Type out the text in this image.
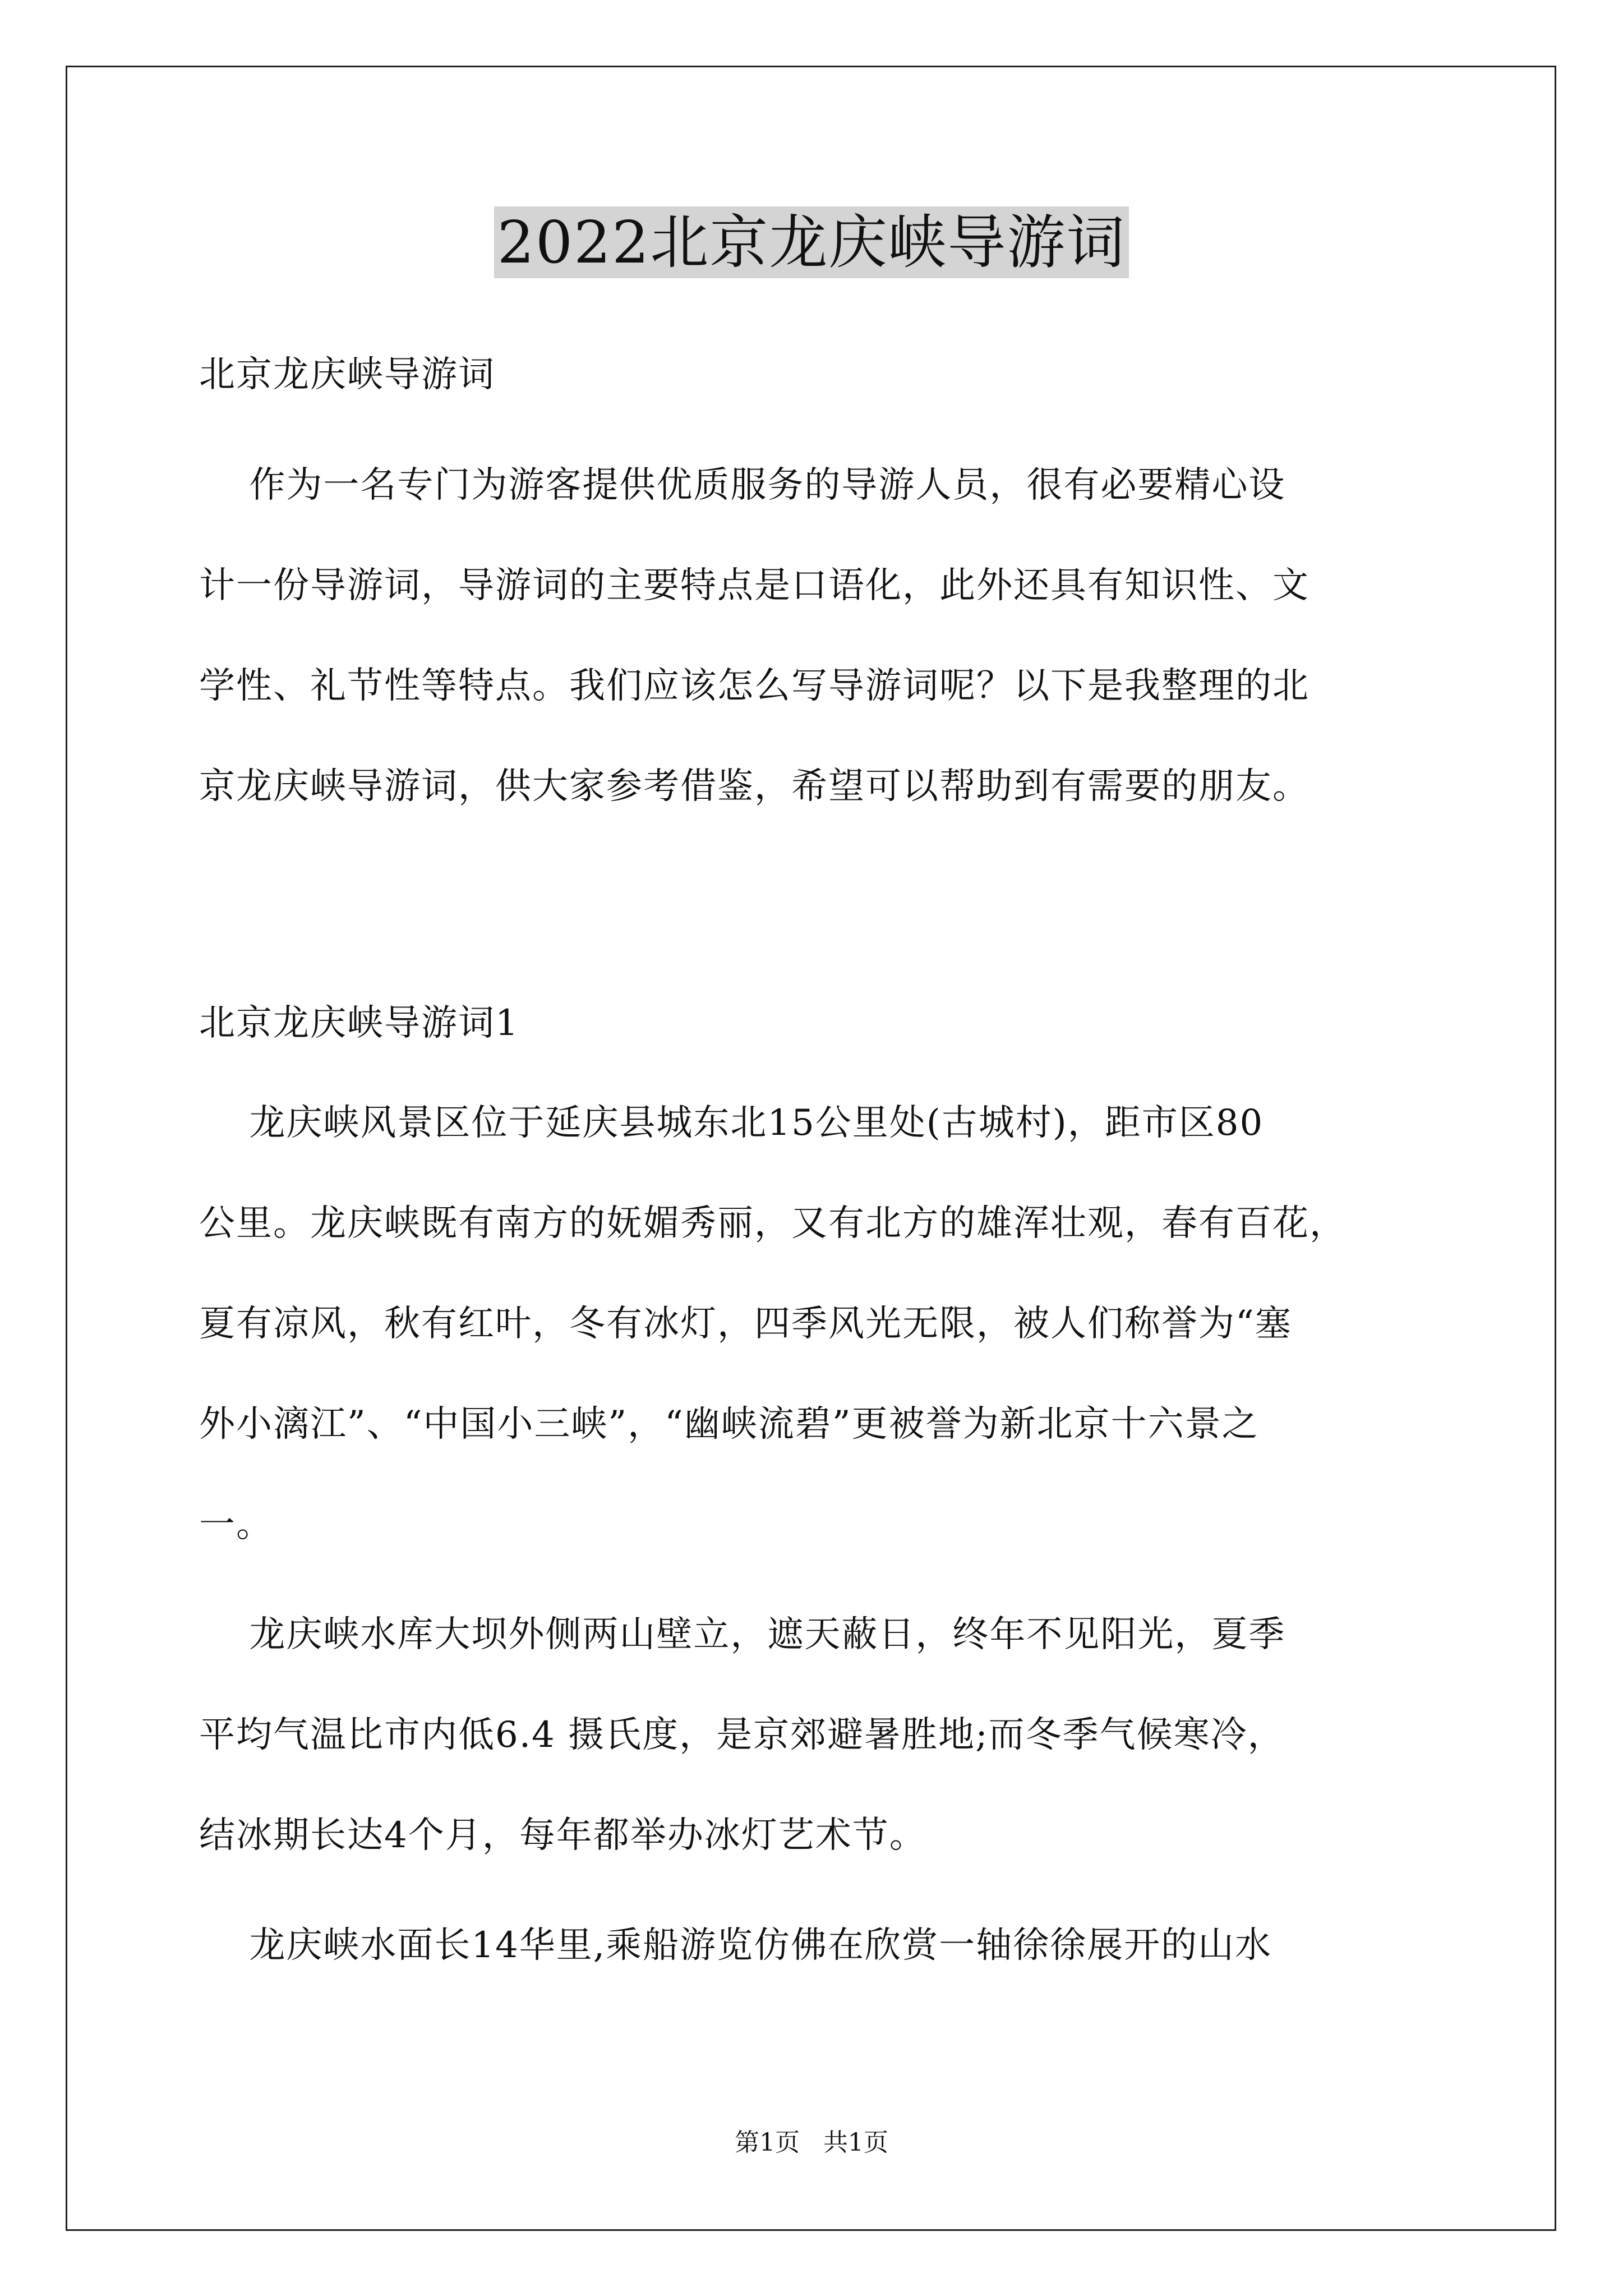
2022北京龙庆峡导游词
北京龙庆峡导游词
作为一名专门为游客提供优质服务的导游人员，很有必要精心设
计一份导游词，导游词的主要特点是口语化，此外还具有知识性、文
学性、礼节性等特点。我们应该怎么写导游词呢？以下是我整理的北
京龙庆峡导游词，供大家参考借鉴，希望可以帮助到有需要的朋友。
北京龙庆峡导游词1
龙庆峡风景区位于延庆县城东北15公里处(古城村)，距市区80
公里。龙庆峡既有南方的妩媚秀丽，又有北方的雄浑壮观，春有百花，
夏有凉风，秋有红叶，冬有冰灯，四季风光无限，被人们称誉为“塞
外小漓江”、“中国小三峡”，“幽峡流碧”更被誉为新北京十六景之
一。
龙庆峡水库大坝外侧两山壁立，遮天蔽日，终年不见阳光，夏季
平均气温比市内低6.4 摄氏度，是京郊避暑胜地;而冬季气候寒冷，
结冰期长达4个月，每年都举办冰灯艺术节。
龙庆峡水面长14华里,乘船游览仿佛在欣赏一轴徐徐展开的山水
第1页   共1页
